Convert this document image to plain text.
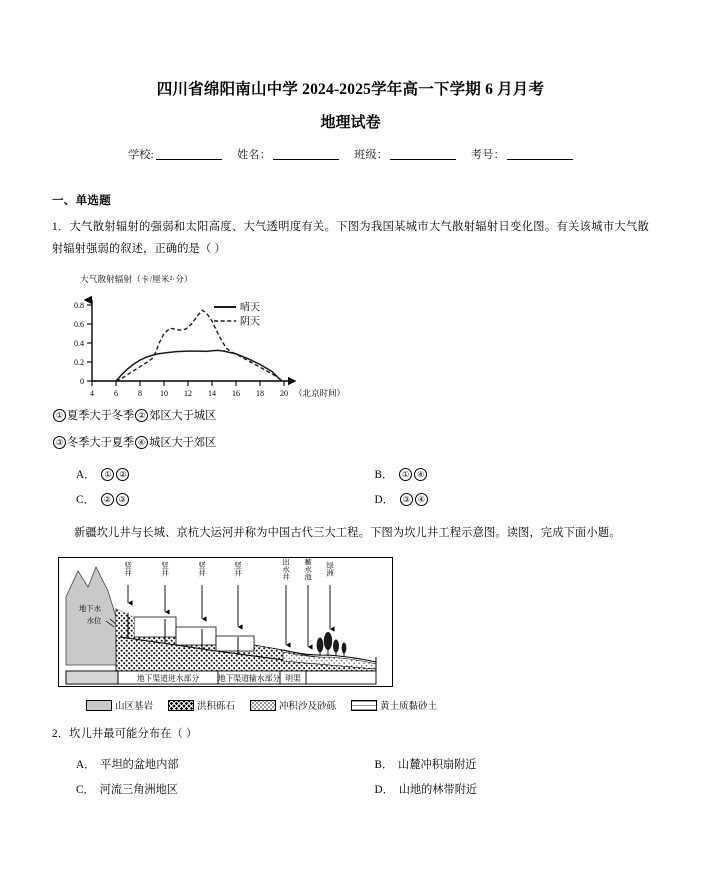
四川省绵阳南山中学 2024-2025学年高一下学期 6 月月考
地理试卷
学校:	姓名：	班级：	考号：
一、单选题
1．大气散射辐射的强弱和太阳高度、大气透明度有关。下图为我国某城市大气散射辐射日变化图。有关该城市大气散射辐射强弱的叙述，正确的是（ ）
大气散射辐射（卡/厘米²·分）
0
0.2
0.4
0.6
0.8
4	6	8 10 12 14 16 18 20 （北京时间）
晴天
阴天
① 夏季大于冬季 ② 郊区大于城区
③ 冬季大于夏季 ④ 城区大于郊区
A． ① ②	B． ① ④
C． ② ③	D． ③ ④
新疆坎儿井与长城、京杭大运河并称为中国古代三大工程。下图为坎儿井工程示意图。读图，完成下面小题。
竖井	竖井	竖井	竖井	出水井 蓄水池 绿洲
地下水
水位
地下渠道进水部分 地下渠道输水部分 明渠
山区基岩	洪积砾石	冲积沙及砂砾	黄土质黏砂土
2．坎儿井最可能分布在（ ）
A． 平坦的盆地内部	B． 山麓冲积扇附近
C． 河流三角洲地区	D． 山地的林带附近
